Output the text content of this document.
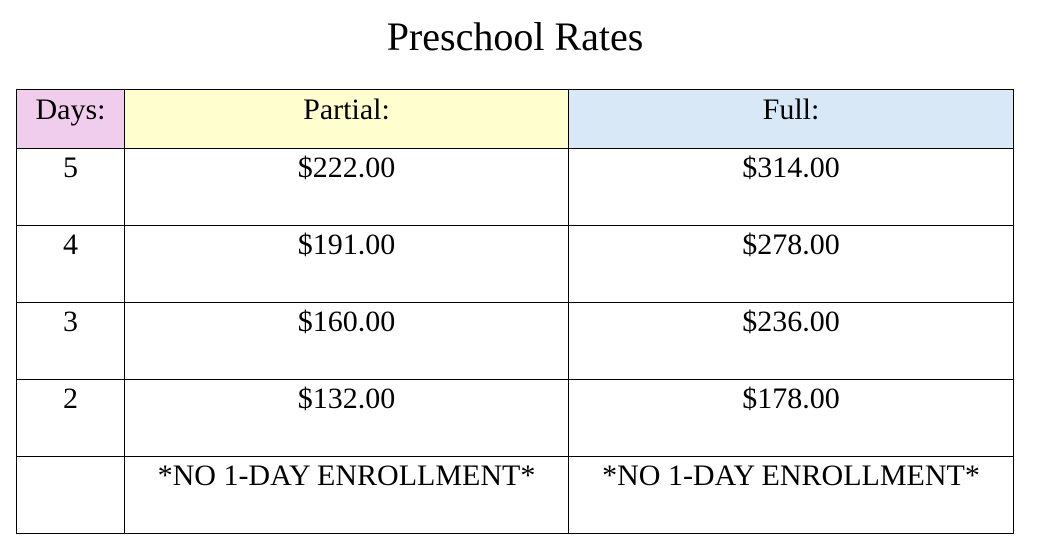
Preschool Rates
Days:	Partial:	Full:
5	$222.00	$314.00
4	$191.00	$278.00
3	$160.00	$236.00
2	$132.00	$178.00
	*NO 1-DAY ENROLLMENT*	*NO 1-DAY ENROLLMENT*
